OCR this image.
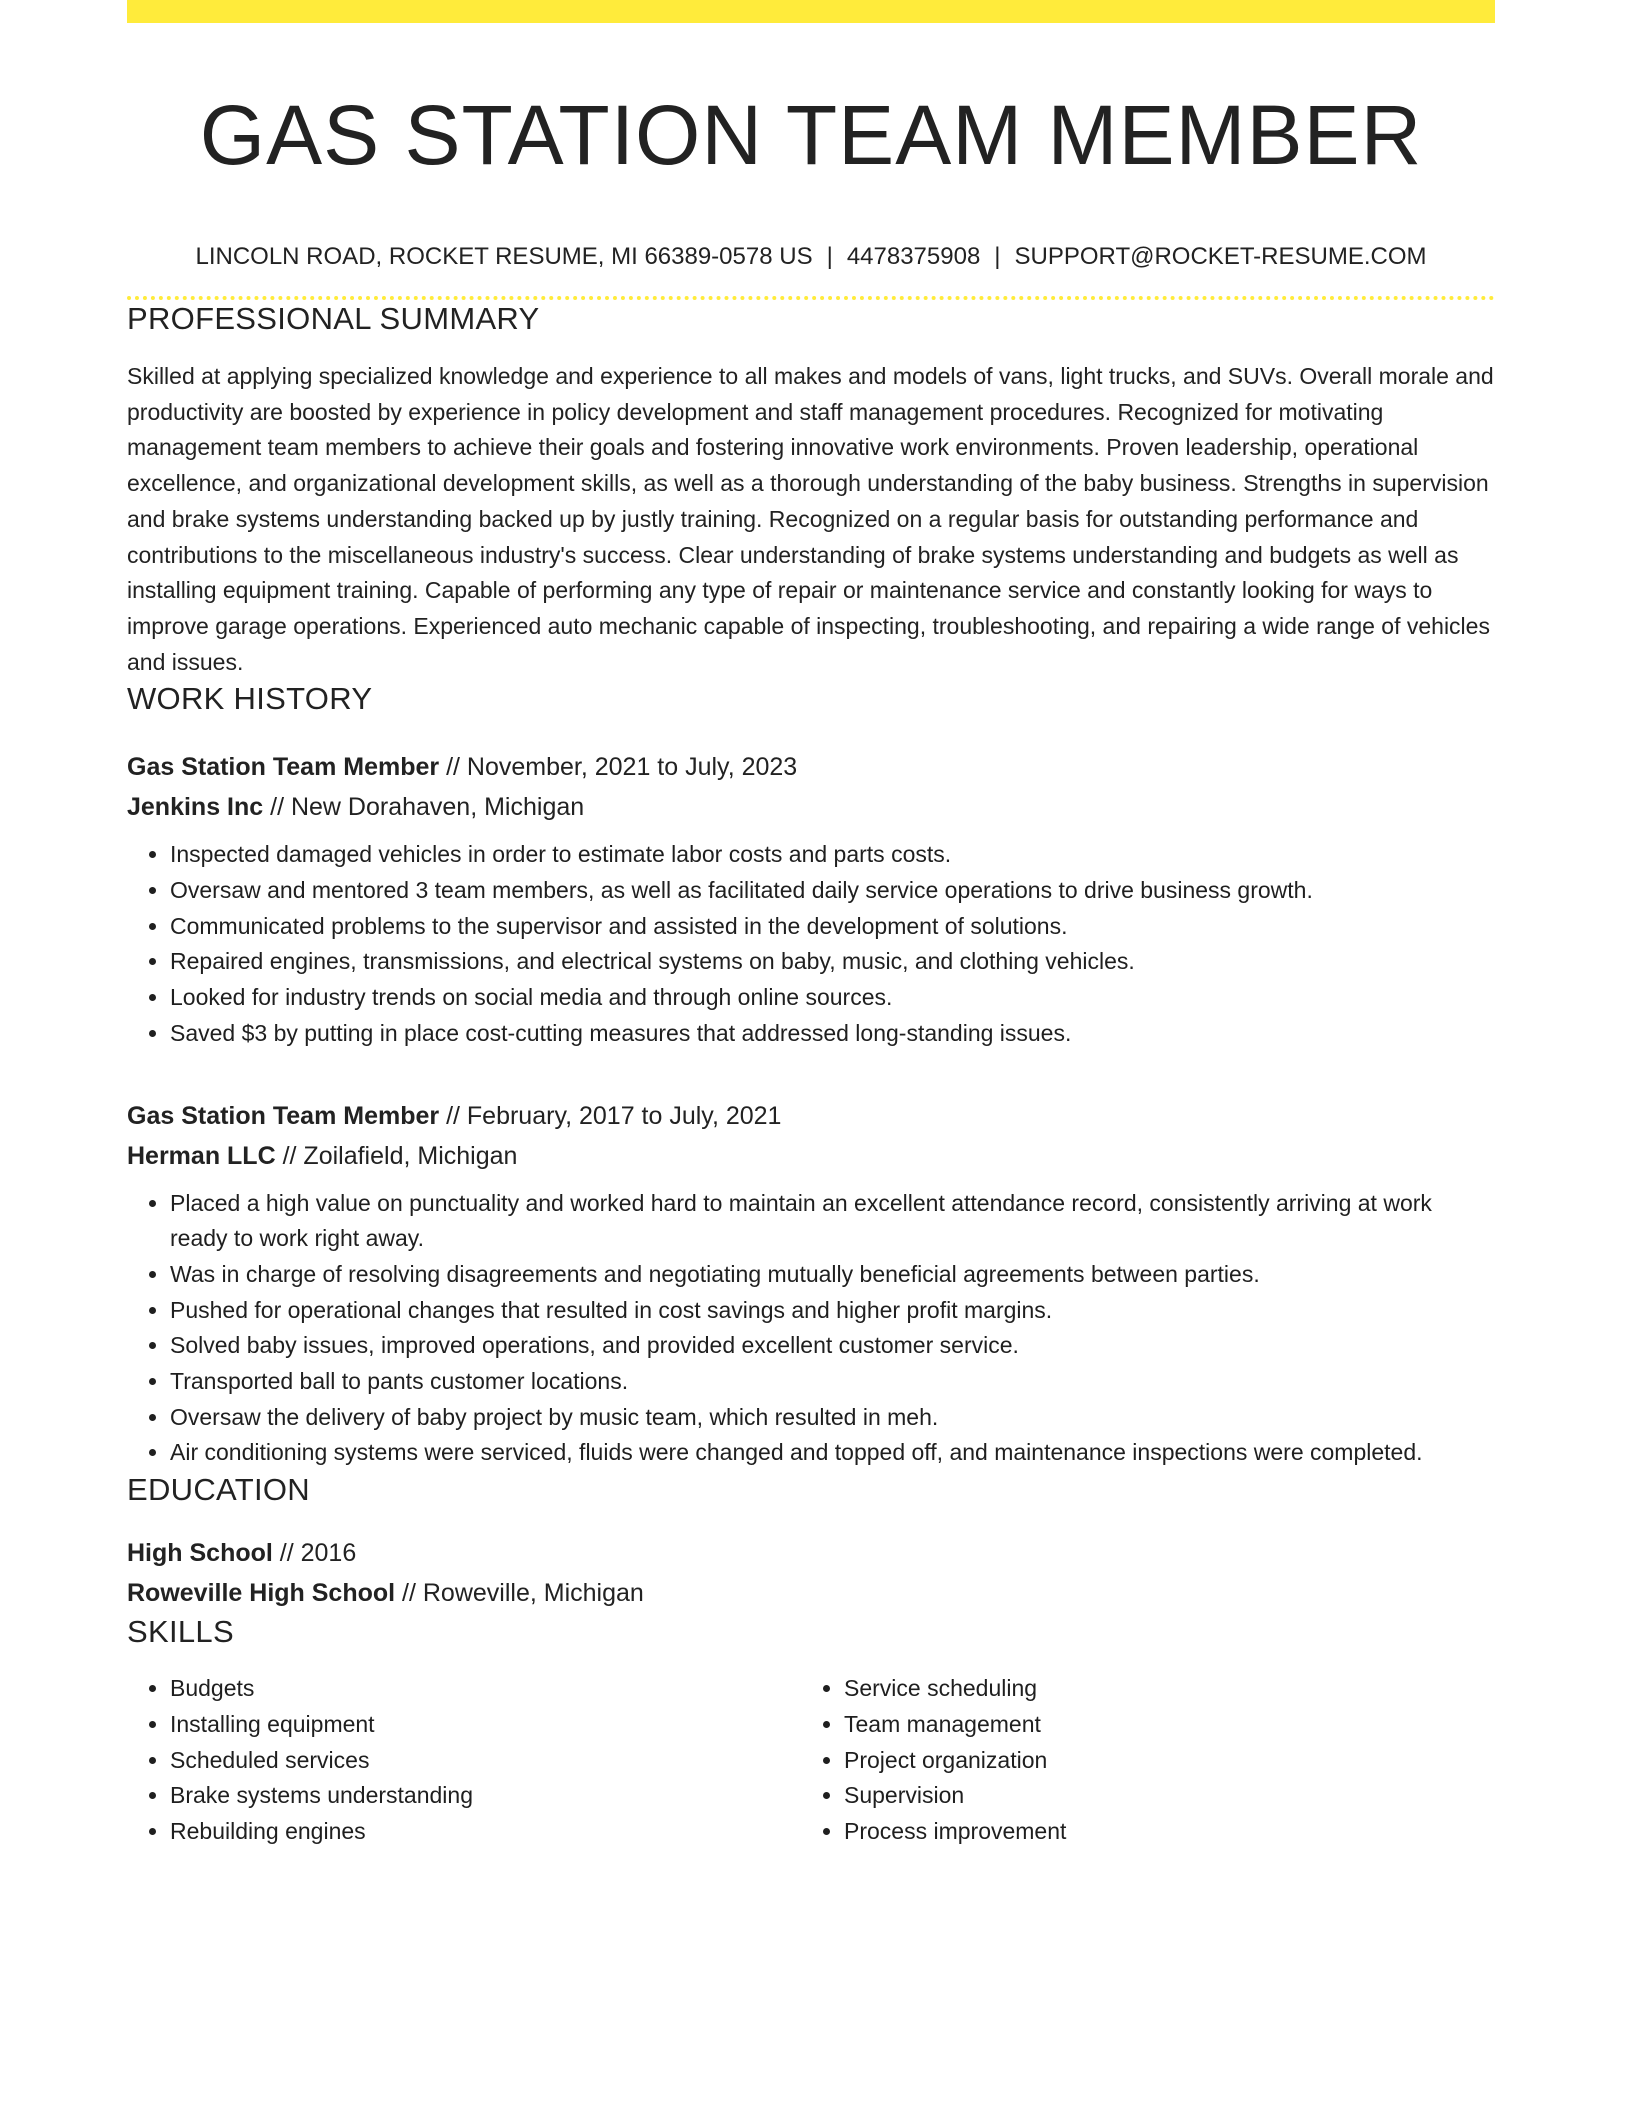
GAS STATION TEAM MEMBER
LINCOLN ROAD, ROCKET RESUME, MI 66389-0578 US | 4478375908 | SUPPORT@ROCKET-RESUME.COM
PROFESSIONAL SUMMARY

Skilled at applying specialized knowledge and experience to all makes and models of vans, light trucks, and SUVs. Overall morale and productivity are boosted by experience in policy development and staff management procedures. Recognized for motivating management team members to achieve their goals and fostering innovative work environments. Proven leadership, operational excellence, and organizational development skills, as well as a thorough understanding of the baby business. Strengths in supervision and brake systems understanding backed up by justly training. Recognized on a regular basis for outstanding performance and contributions to the miscellaneous industry's success. Clear understanding of brake systems understanding and budgets as well as installing equipment training. Capable of performing any type of repair or maintenance service and constantly looking for ways to improve garage operations. Experienced auto mechanic capable of inspecting, troubleshooting, and repairing a wide range of vehicles and issues.

WORK HISTORY
Gas Station Team Member // November, 2021 to July, 2023
Jenkins Inc // New Dorahaven, Michigan
• Inspected damaged vehicles in order to estimate labor costs and parts costs.
• Oversaw and mentored 3 team members, as well as facilitated daily service operations to drive business growth.
• Communicated problems to the supervisor and assisted in the development of solutions.
• Repaired engines, transmissions, and electrical systems on baby, music, and clothing vehicles.
• Looked for industry trends on social media and through online sources.
• Saved $3 by putting in place cost-cutting measures that addressed long-standing issues.
Gas Station Team Member // February, 2017 to July, 2021
Herman LLC // Zoilafield, Michigan
• Placed a high value on punctuality and worked hard to maintain an excellent attendance record, consistently arriving at work ready to work right away.
• Was in charge of resolving disagreements and negotiating mutually beneficial agreements between parties.
• Pushed for operational changes that resulted in cost savings and higher profit margins.
• Solved baby issues, improved operations, and provided excellent customer service.
• Transported ball to pants customer locations.
• Oversaw the delivery of baby project by music team, which resulted in meh.
• Air conditioning systems were serviced, fluids were changed and topped off, and maintenance inspections were completed.
EDUCATION
High School // 2016
Roweville High School // Roweville, Michigan
SKILLS
• Budgets
• Installing equipment
• Scheduled services
• Brake systems understanding
• Rebuilding engines
• Service scheduling
• Team management
• Project organization
• Supervision
• Process improvement
